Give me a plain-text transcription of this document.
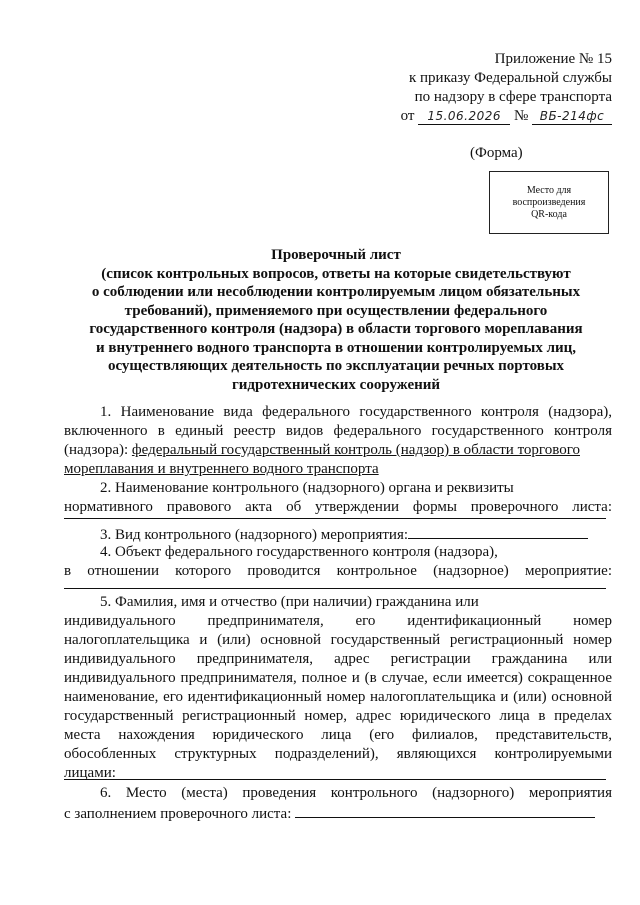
Приложение № 15
к приказу Федеральной службы
по надзору в сфере транспорта
от 15.06.2026 № ВБ-214фс
(Форма)
Место для
воспроизведения
QR-кода
Проверочный лист
(список контрольных вопросов, ответы на которые свидетельствуют
о соблюдении или несоблюдении контролируемым лицом обязательных
требований), применяемого при осуществлении федерального
государственного контроля (надзора) в области торгового мореплавания
и внутреннего водного транспорта в отношении контролируемых лиц,
осуществляющих деятельность по эксплуатации речных портовых
гидротехнических сооружений
1. Наименование вида федерального государственного контроля (надзора),
включенного в единый реестр видов федерального государственного контроля
(надзора): федеральный государственный контроль (надзор) в области торгового
мореплавания и внутреннего водного транспорта
2. Наименование контрольного (надзорного) органа и реквизиты
нормативного правового акта об утверждении формы проверочного листа:
3. Вид контрольного (надзорного) мероприятия:
4. Объект федерального государственного контроля (надзора),
в отношении которого проводится контрольное (надзорное) мероприятие:
5. Фамилия, имя и отчество (при наличии) гражданина или
индивидуального предпринимателя, его идентификационный номер
налогоплательщика и (или) основной государственный регистрационный номер
индивидуального предпринимателя, адрес регистрации гражданина или
индивидуального предпринимателя, полное и (в случае, если имеется) сокращенное
наименование, его идентификационный номер налогоплательщика и (или) основной
государственный регистрационный номер, адрес юридического лица в пределах
места нахождения юридического лица (его филиалов, представительств,
обособленных структурных подразделений), являющихся контролируемыми
лицами:
6. Место (места) проведения контрольного (надзорного) мероприятия
с заполнением проверочного листа:
